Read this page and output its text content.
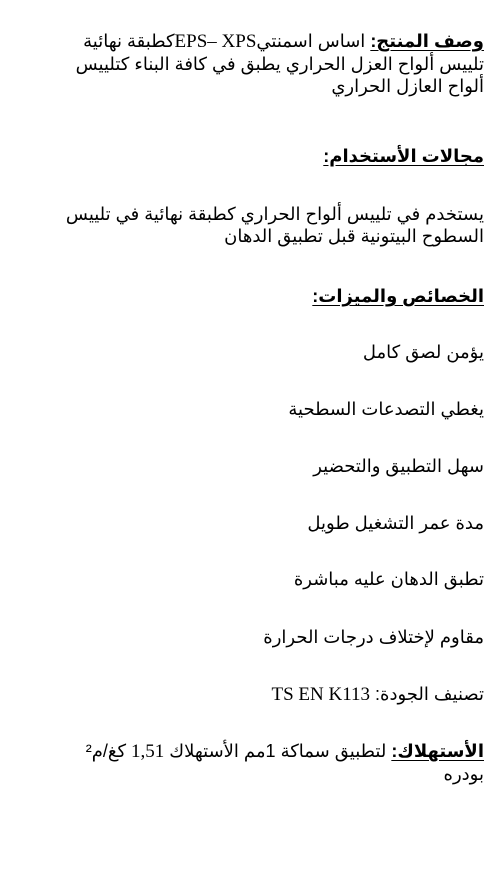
وصف المنتج: اساس اسمنتيEPS– XPSكطبقة نهائية
تلييس ألواح العزل الحراري يطبق في كافة البناء كتلييس
ألواح العازل الحراري

مجالات الأستخدام:

يستخدم في تلييس ألواح الحراري كطبقة نهائية في تلييس
السطوح البيتونية قبل تطبيق الدهان

الخصائص والميزات:

يؤمن لصق كامل

يغطي التصدعات السطحية

سهل التطبيق والتحضير

مدة عمر التشغيل طويل

تطبق الدهان عليه مباشرة

مقاوم لإختلاف درجات الحرارة

تصنيف الجودة: TS EN K113

الأستهلاك: لتطبيق سماكة 1مم الأستهلاك 1,51 كغ/م²
بودره
